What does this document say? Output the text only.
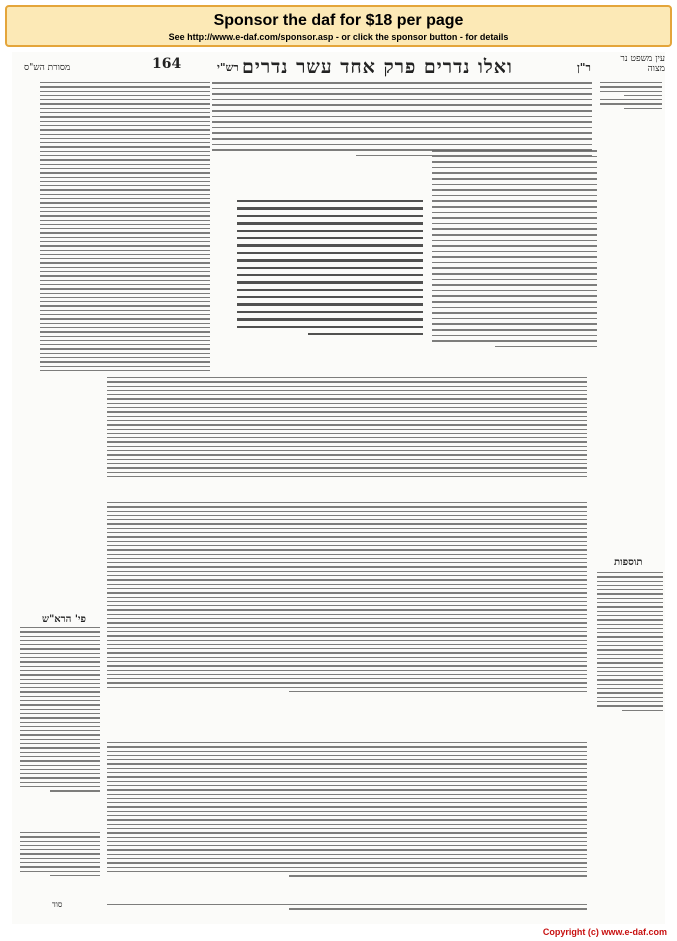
Sponsor the daf for $18 per page
See http://www.e-daf.com/sponsor.asp - or click the sponsor button - for details
מסורת הש"ס	164	רש"י ואלו נדרים פרק אחד עשר נדרים	ר"ן
עין משפט נר מצוה
תוספות
פי' הרא"ש
סוד
Copyright (c) www.e-daf.com
